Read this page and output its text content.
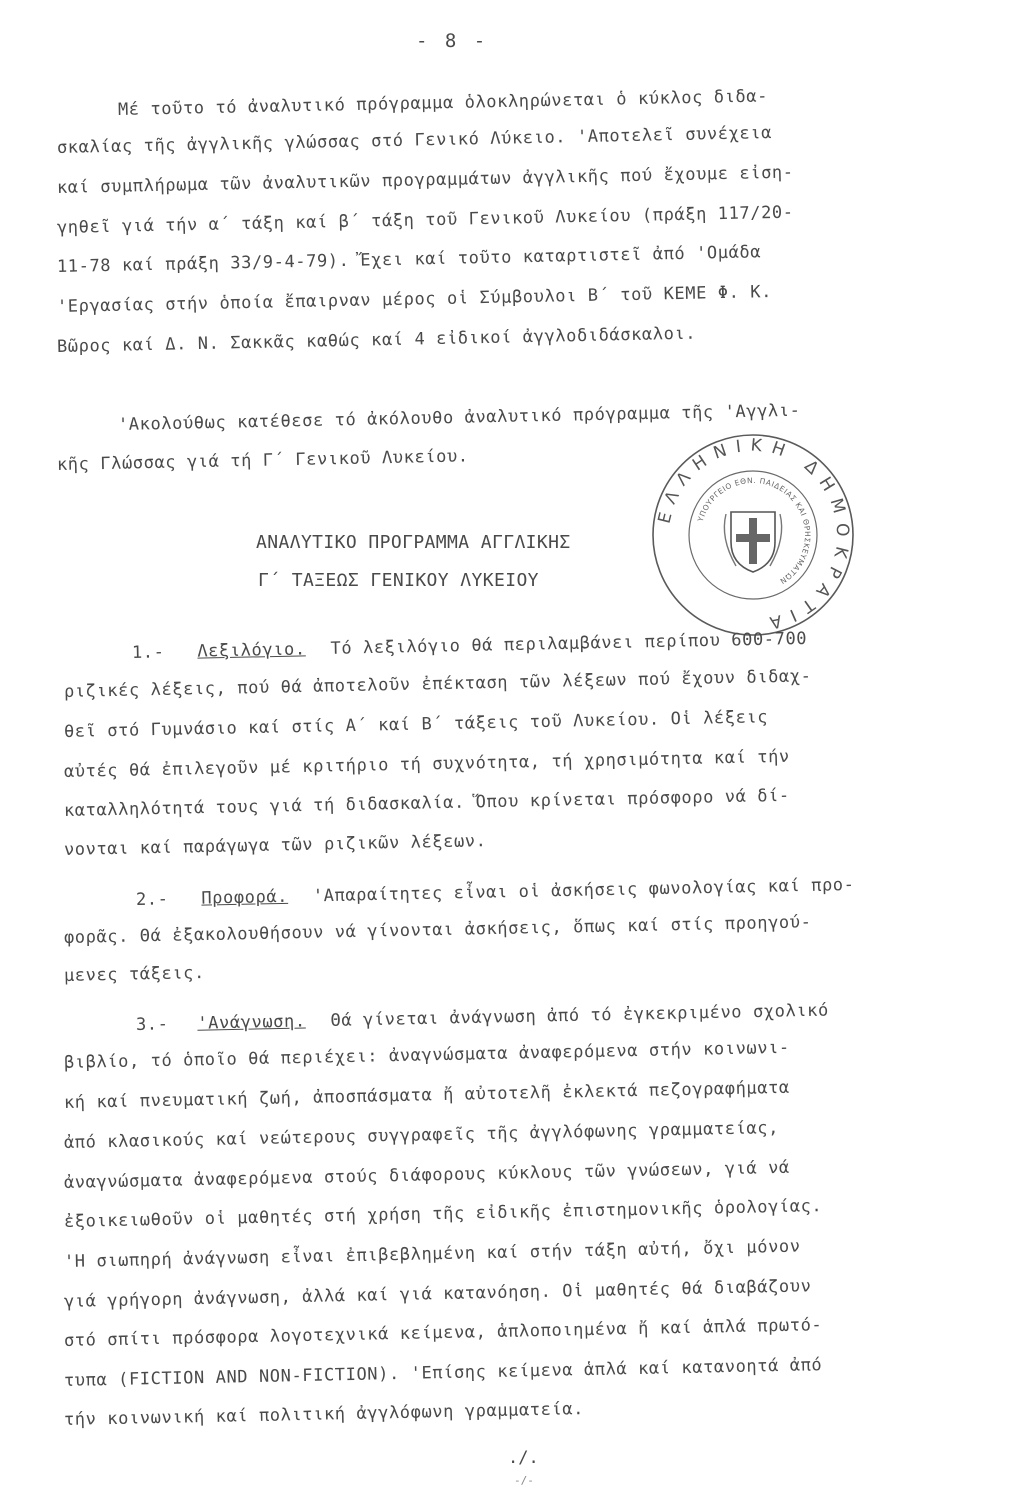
- 8 -
Μέ τοῦτο τό ἀναλυτικό πρόγραμμα ὁλοκληρώνεται ὁ κύκλος διδα-
σκαλίας τῆς ἀγγλικῆς γλώσσας στό Γενικό Λύκειο. 'Αποτελεῖ συνέχεια
καί συμπλήρωμα τῶν ἀναλυτικῶν προγραμμάτων ἀγγλικῆς πού ἔχουμε εἰση-
γηθεῖ γιά τήν α΄ τάξη καί β΄ τάξη τοῦ Γενικοῦ Λυκείου (πράξη 117/20-
11-78 καί πράξη 33/9-4-79). Ἔχει καί τοῦτο καταρτιστεῖ ἀπό 'Ομάδα
'Εργασίας στήν ὁποία ἔπαιρναν μέρος οἱ Σύμβουλοι Β΄ τοῦ ΚΕΜΕ Φ. Κ.
Βῶρος καί Δ. Ν. Σακκᾶς καθώς καί 4 εἰδικοί ἀγγλοδιδάσκαλοι.
'Ακολούθως κατέθεσε τό ἀκόλουθο ἀναλυτικό πρόγραμμα τῆς 'Αγγλι-
κῆς Γλώσσας γιά τή Γ΄ Γενικοῦ Λυκείου.
ΑΝΑΛΥΤΙΚΟ ΠΡΟΓΡΑΜΜΑ ΑΓΓΛΙΚΗΣ
Γ΄ ΤΑΞΕΩΣ ΓΕΝΙΚΟΥ ΛΥΚΕΙΟΥ
ΕΛΛΗΝΙΚΗ ΔΗΜΟΚΡΑΤΙΑ
ΥΠΟΥΡΓΕΙΟ ΕΘΝ. ΠΑΙΔΕΙΑΣ ΚΑΙ ΘΡΗΣΚΕΥΜΑΤΩΝ
1.- Λεξιλόγιο. Τό λεξιλόγιο θά περιλαμβάνει περίπου 600-700
ριζικές λέξεις, πού θά ἀποτελοῦν ἐπέκταση τῶν λέξεων πού ἔχουν διδαχ-
θεῖ στό Γυμνάσιο καί στίς Α΄ καί Β΄ τάξεις τοῦ Λυκείου. Οἱ λέξεις
αὐτές θά ἐπιλεγοῦν μέ κριτήριο τή συχνότητα, τή χρησιμότητα καί τήν
καταλληλότητά τους γιά τή διδασκαλία. Ὅπου κρίνεται πρόσφορο νά δί-
νονται καί παράγωγα τῶν ριζικῶν λέξεων.
2.- Προφορά. 'Απαραίτητες εἶναι οἱ ἀσκήσεις φωνολογίας καί προ-
φορᾶς. Θά ἐξακολουθήσουν νά γίνονται ἀσκήσεις, ὅπως καί στίς προηγού-
μενες τάξεις.
3.- 'Ανάγνωση. Θά γίνεται ἀνάγνωση ἀπό τό ἐγκεκριμένο σχολικό
βιβλίο, τό ὁποῖο θά περιέχει: ἀναγνώσματα ἀναφερόμενα στήν κοινωνι-
κή καί πνευματική ζωή, ἀποσπάσματα ἤ αὐτοτελῆ ἐκλεκτά πεζογραφήματα
ἀπό κλασικούς καί νεώτερους συγγραφεῖς τῆς ἀγγλόφωνης γραμματείας,
ἀναγνώσματα ἀναφερόμενα στούς διάφορους κύκλους τῶν γνώσεων, γιά νά
ἐξοικειωθοῦν οἱ μαθητές στή χρήση τῆς εἰδικῆς ἐπιστημονικῆς ὁρολογίας.
'Η σιωπηρή ἀνάγνωση εἶναι ἐπιβεβλημένη καί στήν τάξη αὐτή, ὄχι μόνον
γιά γρήγορη ἀνάγνωση, ἀλλά καί γιά κατανόηση. Οἱ μαθητές θά διαβάζουν
στό σπίτι πρόσφορα λογοτεχνικά κείμενα, ἁπλοποιημένα ἤ καί ἁπλά πρωτό-
τυπα (FICTION AND NON-FICTION). 'Επίσης κείμενα ἁπλά καί κατανοητά ἀπό
τήν κοινωνική καί πολιτική ἀγγλόφωνη γραμματεία.
./.
-/-
